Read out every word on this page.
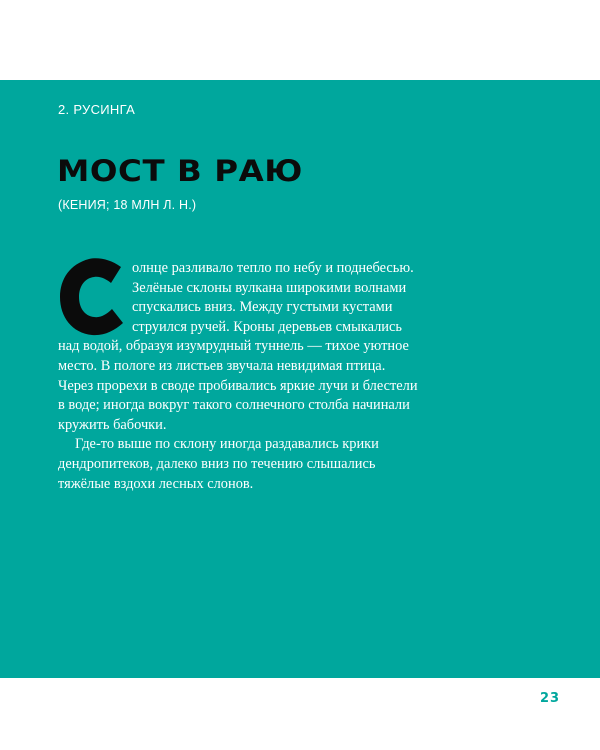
2. РУСИНГА
МОСТ В РАЮ
(КЕНИЯ; 18 МЛН Л. Н.)
олнце разливало тепло по небу и поднебесью.
Зелёные склоны вулкана широкими волнами
спускались вниз. Между густыми кустами
струился ручей. Кроны деревьев смыкались
над водой, образуя изумрудный туннель — тихое уютное
место. В пологе из листьев звучала невидимая птица.
Через прорехи в своде пробивались яркие лучи и блестели
в воде; иногда вокруг такого солнечного столба начинали
кружить бабочки.
Где-то выше по склону иногда раздавались крики
дендропитеков, далеко вниз по течению слышались
тяжёлые вздохи лесных слонов.
23
